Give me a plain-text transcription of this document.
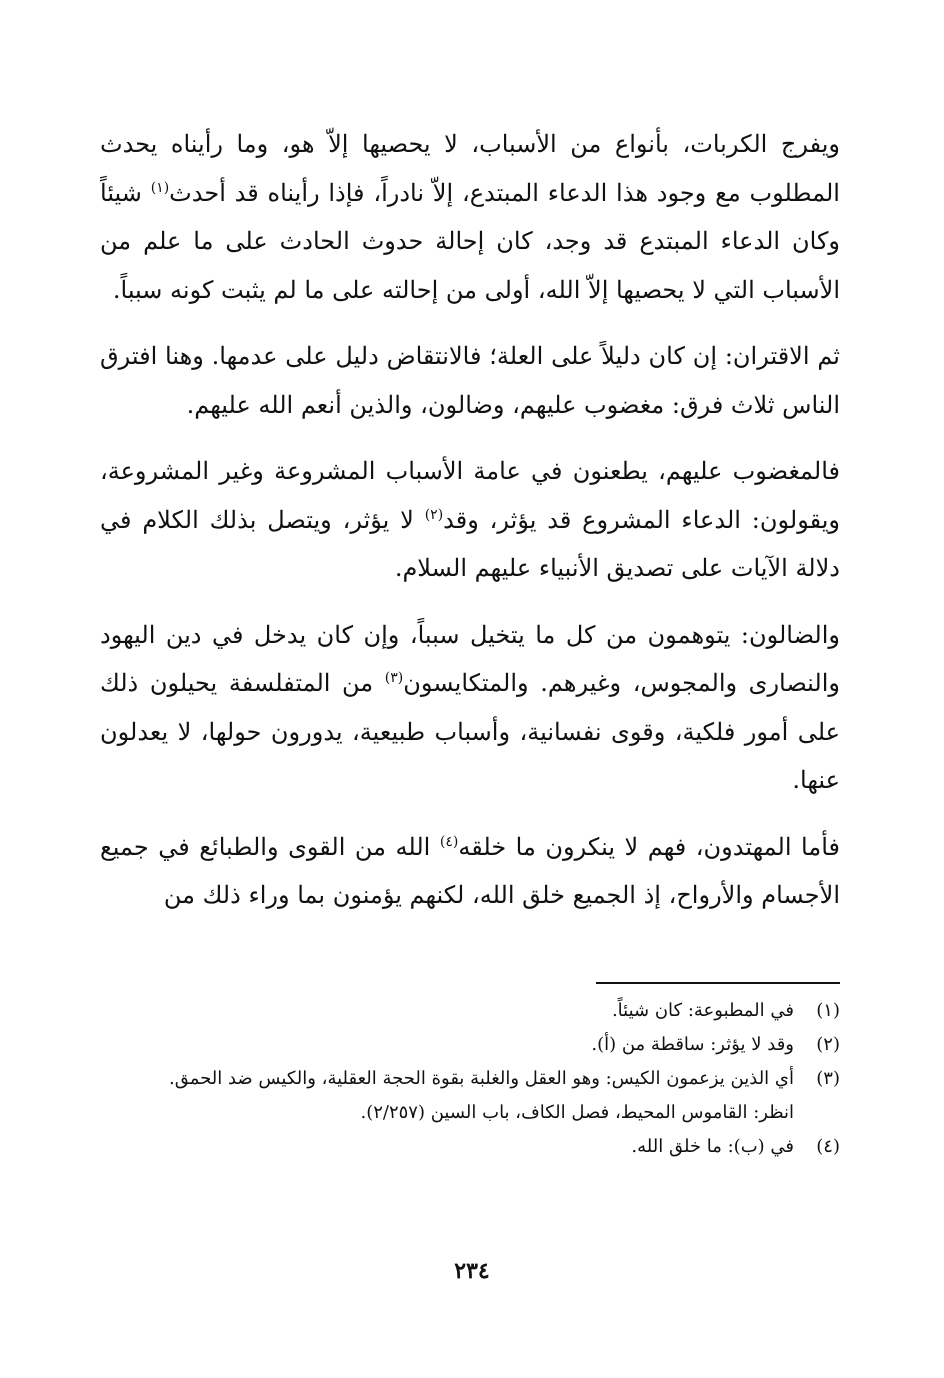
ويفرج الكربات، بأنواع من الأسباب، لا يحصيها إلاّ هو، وما رأيناه يحدث المطلوب مع وجود هذا الدعاء المبتدع، إلاّ نادراً، فإذا رأيناه قد أحدث$^{(١)}$ شيئاً وكان الدعاء المبتدع قد وجد، كان إحالة حدوث الحادث على ما علم من الأسباب التي لا يحصيها إلاّ الله، أولى من إحالته على ما لم يثبت كونه سبباً.

ثم الاقتران: إن كان دليلاً على العلة؛ فالانتقاض دليل على عدمها. وهنا افترق الناس ثلاث فرق: مغضوب عليهم، وضالون، والذين أنعم الله عليهم.

فالمغضوب عليهم، يطعنون في عامة الأسباب المشروعة وغير المشروعة، ويقولون: الدعاء المشروع قد يؤثر، وقد$^{(٢)}$ لا يؤثر، ويتصل بذلك الكلام في دلالة الآيات على تصديق الأنبياء عليهم السلام.

والضالون: يتوهمون من كل ما يتخيل سبباً، وإن كان يدخل في دين اليهود والنصارى والمجوس، وغيرهم. والمتكايسون$^{(٣)}$ من المتفلسفة يحيلون ذلك على أمور فلكية، وقوى نفسانية، وأسباب طبيعية، يدورون حولها، لا يعدلون عنها.

فأما المهتدون، فهم لا ينكرون ما خلقه$^{(٤)}$ الله من القوى والطبائع في جميع الأجسام والأرواح، إذ الجميع خلق الله، لكنهم يؤمنون بما وراء ذلك من

(١)
في المطبوعة: كان شيئاً.
(٢)
وقد لا يؤثر: ساقطة من (أ).
(٣)
أي الذين يزعمون الكيس: وهو العقل والغلبة بقوة الحجة العقلية، والكيس ضد الحمق.
انظر: القاموس المحيط، فصل الكاف، باب السين (٢/٢٥٧).
(٤)
في (ب): ما خلق الله.
٢٣٤
